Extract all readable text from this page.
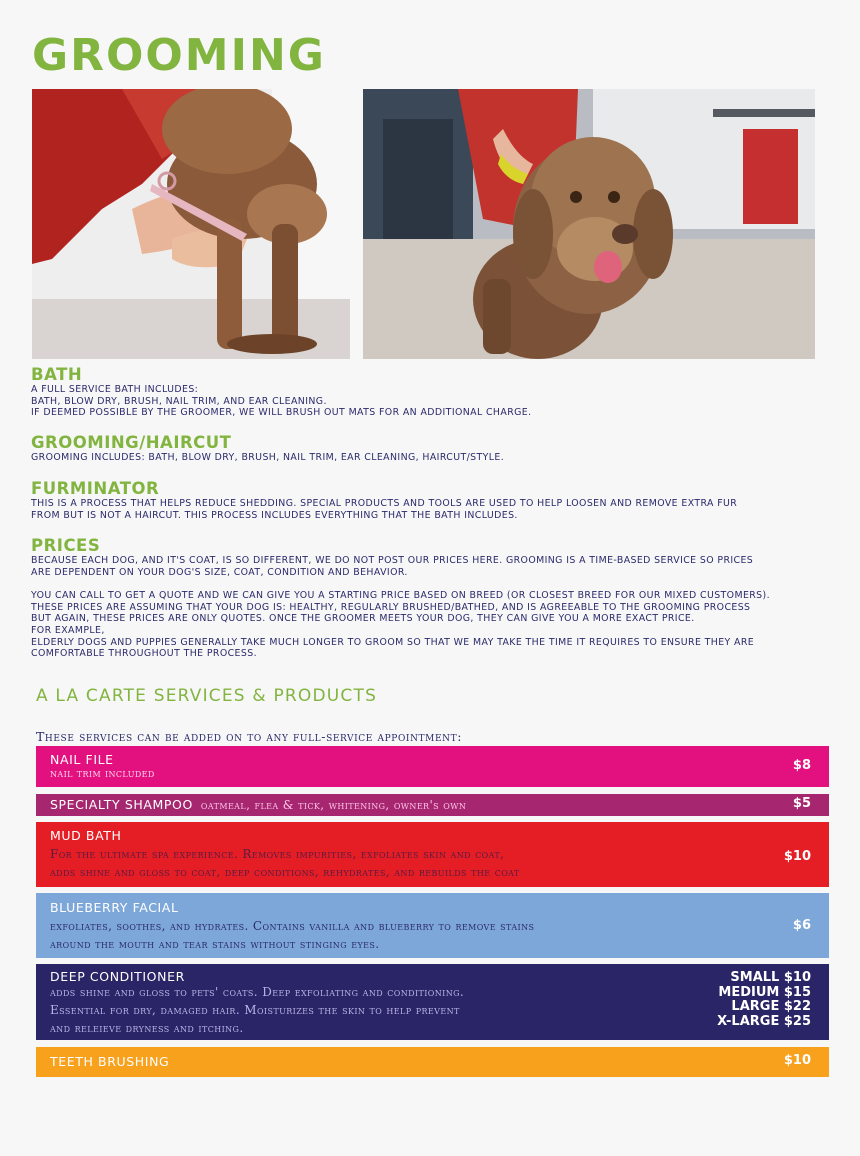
GROOMING
BATH

A FULL SERVICE BATH INCLUDES:

BATH, BLOW DRY, BRUSH, NAIL TRIM, AND EAR CLEANING.

IF DEEMED POSSIBLE BY THE GROOMER, WE WILL BRUSH OUT MATS FOR AN ADDITIONAL CHARGE.

GROOMING/HAIRCUT

GROOMING INCLUDES: BATH, BLOW DRY, BRUSH, NAIL TRIM, EAR CLEANING, HAIRCUT/STYLE.

FURMINATOR

THIS IS A PROCESS THAT HELPS REDUCE SHEDDING. SPECIAL PRODUCTS AND TOOLS ARE USED TO HELP LOOSEN AND REMOVE EXTRA FUR

FROM BUT IS NOT A HAIRCUT. THIS PROCESS INCLUDES EVERYTHING THAT THE BATH INCLUDES.

PRICES

BECAUSE EACH DOG, AND IT'S COAT, IS SO DIFFERENT, WE DO NOT POST OUR PRICES HERE. GROOMING IS A TIME-BASED SERVICE SO PRICES

ARE DEPENDENT ON YOUR DOG'S SIZE, COAT, CONDITION AND BEHAVIOR.

YOU CAN CALL TO GET A QUOTE AND WE CAN GIVE YOU A STARTING PRICE BASED ON BREED (OR CLOSEST BREED FOR OUR MIXED CUSTOMERS).

THESE PRICES ARE ASSUMING THAT YOUR DOG IS: HEALTHY, REGULARLY BRUSHED/BATHED, AND IS AGREEABLE TO THE GROOMING PROCESS

BUT AGAIN, THESE PRICES ARE ONLY QUOTES. ONCE THE GROOMER MEETS YOUR DOG, THEY CAN GIVE YOU A MORE EXACT PRICE.

FOR EXAMPLE,

ELDERLY DOGS AND PUPPIES GENERALLY TAKE MUCH LONGER TO GROOM SO THAT WE MAY TAKE THE TIME IT REQUIRES TO ENSURE THEY ARE

COMFORTABLE THROUGHOUT THE PROCESS.

A LA CARTE SERVICES & PRODUCTS

These services can be added on to any full-service appointment:

NAIL FILE
nail trim included
$8
SPECIALTY SHAMPOO oatmeal, flea & tick, whitening, owner's own	$5
MUD BATH
For the ultimate spa experience. Removes impurities, exfoliates skin and coat,
adds shine and gloss to coat, deep conditions, rehydrates, and rebuilds the coat
$10
BLUEBERRY FACIAL
exfoliates, soothes, and hydrates. Contains vanilla and blueberry to remove stains
around the mouth and tear stains without stinging eyes.
$6
DEEP CONDITIONER
adds shine and gloss to pets' coats. Deep exfoliating and conditioning.
Essential for dry, damaged hair. Moisturizes the skin to help prevent
and releieve dryness and itching.
SMALL $10
MEDIUM $15
LARGE $22
X-LARGE $25
TEETH BRUSHING	$10
